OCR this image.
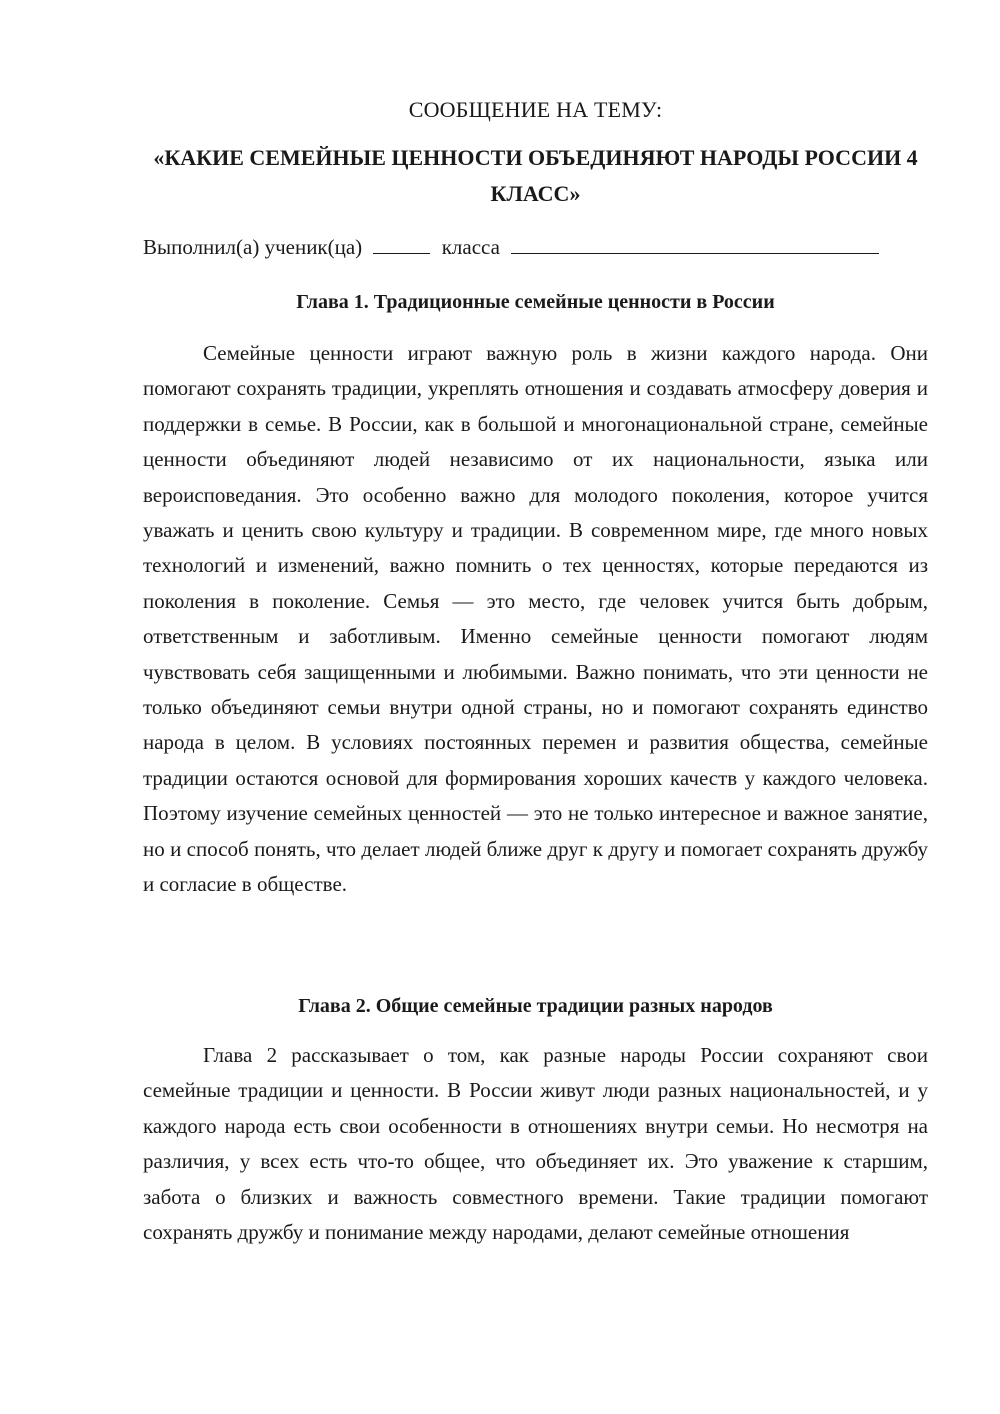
СООБЩЕНИЕ НА ТЕМУ:
«КАКИЕ СЕМЕЙНЫЕ ЦЕННОСТИ ОБЪЕДИНЯЮТ НАРОДЫ РОССИИ 4 КЛАСС»
Выполнил(а) ученик(ца)	класса
Глава 1. Традиционные семейные ценности в России

Семейные ценности играют важную роль в жизни каждого народа. Они помогают сохранять традиции, укреплять отношения и создавать атмосферу доверия и поддержки в семье. В России, как в большой и многонациональной стране, семейные ценности объединяют людей независимо от их национальности, языка или вероисповедания. Это особенно важно для молодого поколения, которое учится уважать и ценить свою культуру и традиции. В современном мире, где много новых технологий и изменений, важно помнить о тех ценностях, которые передаются из поколения в поколение. Семья — это место, где человек учится быть добрым, ответственным и заботливым. Именно семейные ценности помогают людям чувствовать себя защищенными и любимыми. Важно понимать, что эти ценности не только объединяют семьи внутри одной страны, но и помогают сохранять единство народа в целом. В условиях постоянных перемен и развития общества, семейные традиции остаются основой для формирования хороших качеств у каждого человека. Поэтому изучение семейных ценностей — это не только интересное и важное занятие, но и способ понять, что делает людей ближе друг к другу и помогает сохранять дружбу и согласие в обществе.

Глава 2. Общие семейные традиции разных народов

Глава 2 рассказывает о том, как разные народы России сохраняют свои семейные традиции и ценности. В России живут люди разных национальностей, и у каждого народа есть свои особенности в отношениях внутри семьи. Но несмотря на различия, у всех есть что-то общее, что объединяет их. Это уважение к старшим, забота о близких и важность совместного времени. Такие традиции помогают сохранять дружбу и понимание между народами, делают семейные отношения
